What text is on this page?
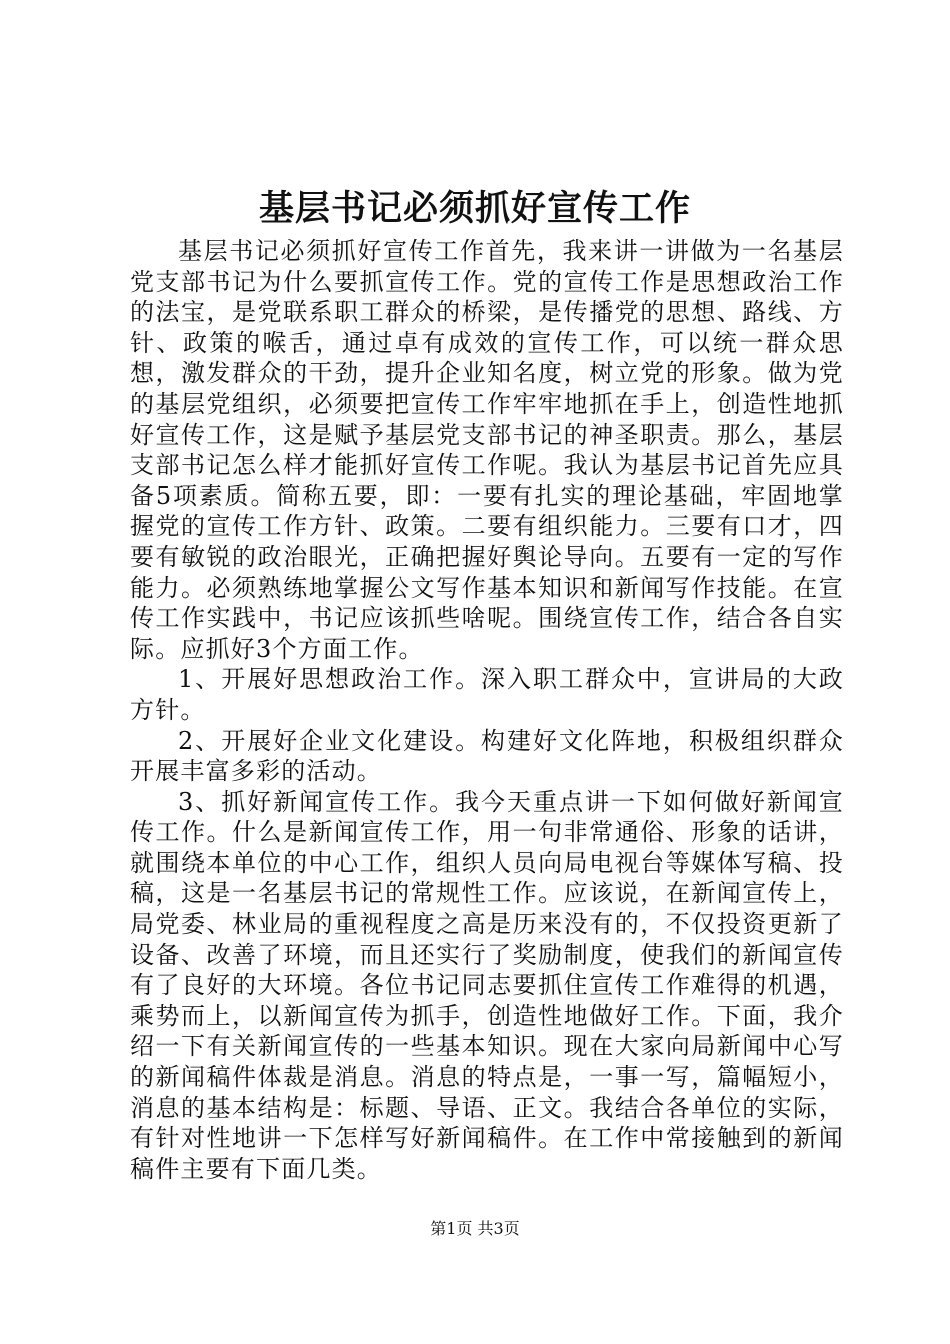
基层书记必须抓好宣传工作

基层书记必须抓好宣传工作首先，我来讲一讲做为一名基层党支部书记为什么要抓宣传工作。党的宣传工作是思想政治工作的法宝，是党联系职工群众的桥梁，是传播党的思想、路线、方针、政策的喉舌，通过卓有成效的宣传工作，可以统一群众思想，激发群众的干劲，提升企业知名度，树立党的形象。做为党的基层党组织，必须要把宣传工作牢牢地抓在手上，创造性地抓好宣传工作，这是赋予基层党支部书记的神圣职责。那么，基层支部书记怎么样才能抓好宣传工作呢。我认为基层书记首先应具备5项素质。简称五要，即：一要有扎实的理论基础，牢固地掌握党的宣传工作方针、政策。二要有组织能力。三要有口才，四要有敏锐的政治眼光，正确把握好舆论导向。五要有一定的写作能力。必须熟练地掌握公文写作基本知识和新闻写作技能。在宣传工作实践中，书记应该抓些啥呢。围绕宣传工作，结合各自实际。应抓好3个方面工作。

1、开展好思想政治工作。深入职工群众中，宣讲局的大政方针。

2、开展好企业文化建设。构建好文化阵地，积极组织群众开展丰富多彩的活动。

3、抓好新闻宣传工作。我今天重点讲一下如何做好新闻宣传工作。什么是新闻宣传工作，用一句非常通俗、形象的话讲，就围绕本单位的中心工作，组织人员向局电视台等媒体写稿、投稿，这是一名基层书记的常规性工作。应该说，在新闻宣传上，局党委、林业局的重视程度之高是历来没有的，不仅投资更新了设备、改善了环境，而且还实行了奖励制度，使我们的新闻宣传有了良好的大环境。各位书记同志要抓住宣传工作难得的机遇，乘势而上，以新闻宣传为抓手，创造性地做好工作。下面，我介绍一下有关新闻宣传的一些基本知识。现在大家向局新闻中心写的新闻稿件体裁是消息。消息的特点是，一事一写，篇幅短小，消息的基本结构是：标题、导语、正文。我结合各单位的实际，有针对性地讲一下怎样写好新闻稿件。在工作中常接触到的新闻稿件主要有下面几类。

第1页 共3页
